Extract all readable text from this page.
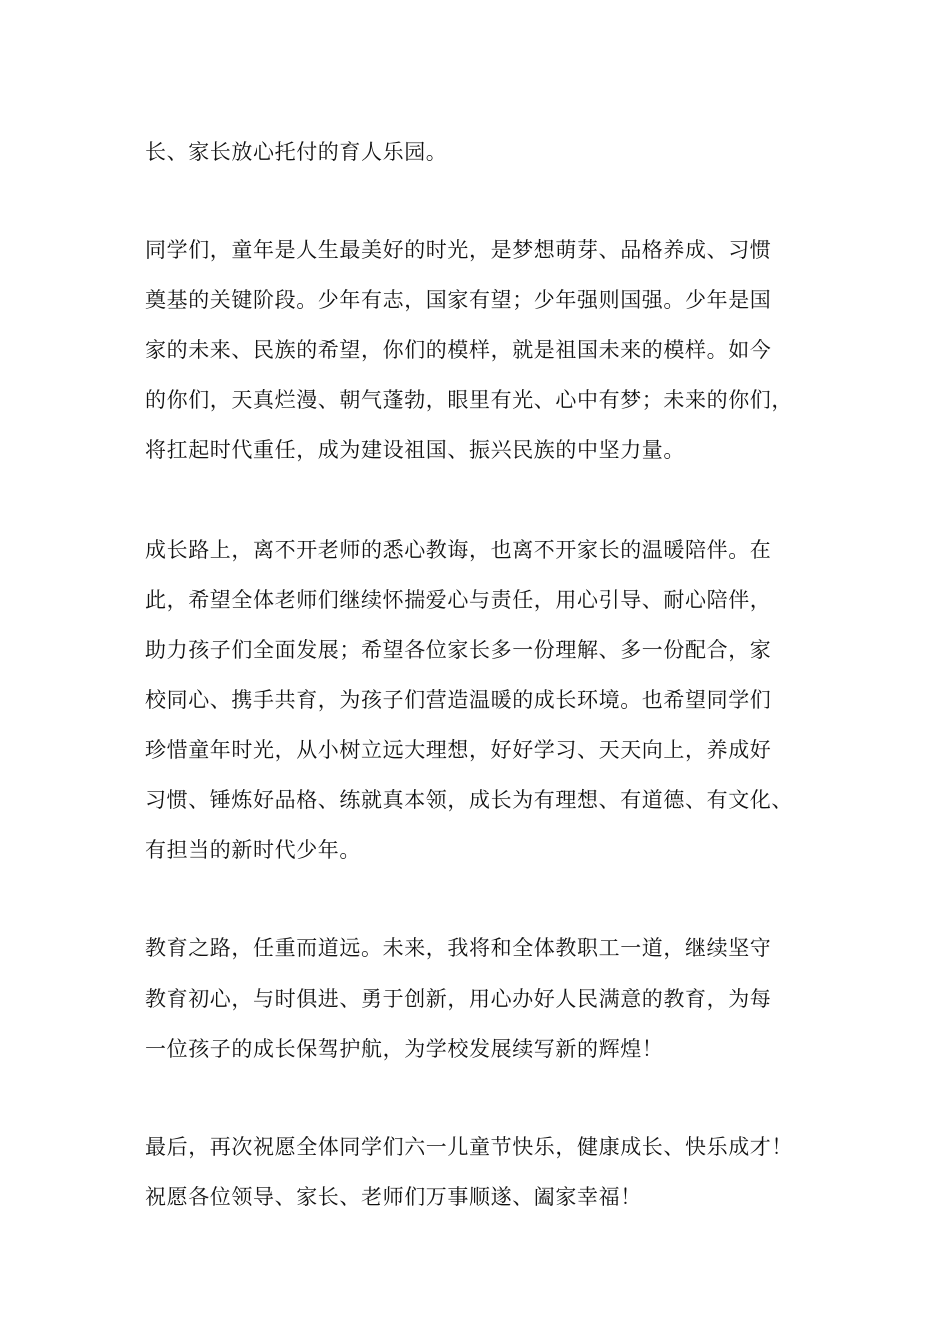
长、家长放心托付的育人乐园。
同学们，童年是人生最美好的时光，是梦想萌芽、品格养成、习惯
奠基的关键阶段。少年有志，国家有望；少年强则国强。少年是国
家的未来、民族的希望，你们的模样，就是祖国未来的模样。如今
的你们，天真烂漫、朝气蓬勃，眼里有光、心中有梦；未来的你们，
将扛起时代重任，成为建设祖国、振兴民族的中坚力量。
成长路上，离不开老师的悉心教诲，也离不开家长的温暖陪伴。在
此，希望全体老师们继续怀揣爱心与责任，用心引导、耐心陪伴，
助力孩子们全面发展；希望各位家长多一份理解、多一份配合，家
校同心、携手共育，为孩子们营造温暖的成长环境。也希望同学们
珍惜童年时光，从小树立远大理想，好好学习、天天向上，养成好
习惯、锤炼好品格、练就真本领，成长为有理想、有道德、有文化、
有担当的新时代少年。
教育之路，任重而道远。未来，我将和全体教职工一道，继续坚守
教育初心，与时俱进、勇于创新，用心办好人民满意的教育，为每
一位孩子的成长保驾护航，为学校发展续写新的辉煌！
最后，再次祝愿全体同学们六一儿童节快乐，健康成长、快乐成才！
祝愿各位领导、家长、老师们万事顺遂、阖家幸福！
